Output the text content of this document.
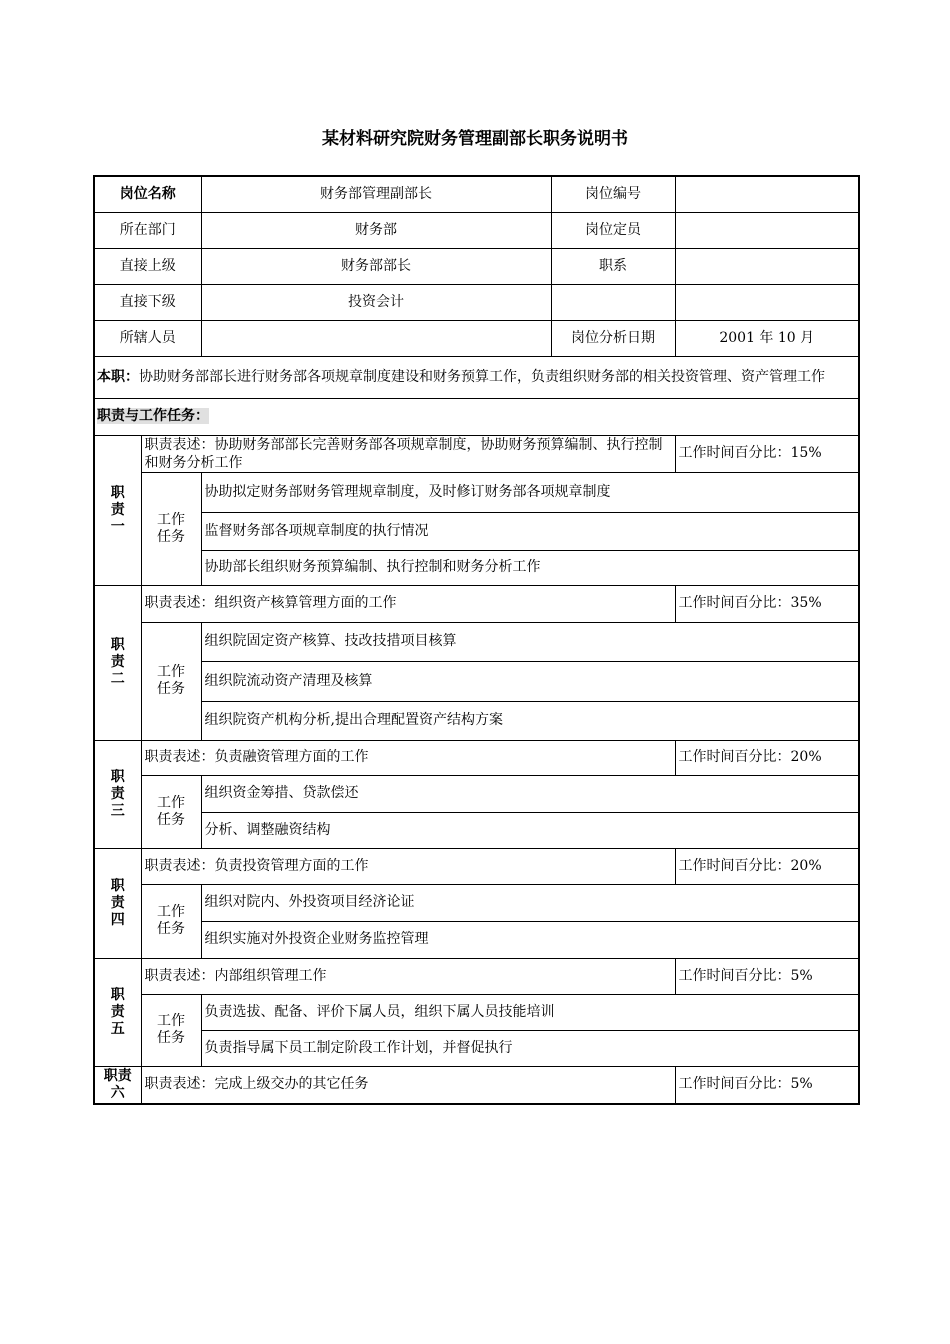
某材料研究院财务管理副部长职务说明书
岗位名称		财务部管理副部长	岗位编号	
所在部门		财务部	岗位定员	
直接上级		财务部部长	职系	
直接下级		投资会计		
所辖人员			岗位分析日期	2001 年 10 月
本职：协助财务部部长进行财务部各项规章制度建设和财务预算工作，负责组织财务部的相关投资管理、资产管理工作				
职责与工作任务：				

职
责
一	职责表述：协助财务部部长完善财务部各项规章制度，协助财务预算编制、执行控制和财务分析工作			工作时间百分比：15%
	工作
任务	协助拟定财务部财务管理规章制度，及时修订财务部各项规章制度		
		监督财务部各项规章制度的执行情况		
		协助部长组织财务预算编制、执行控制和财务分析工作		

职
责
二	职责表述：组织资产核算管理方面的工作			工作时间百分比：35%
	工作
任务	组织院固定资产核算、技改技措项目核算		
		组织院流动资产清理及核算		
		组织院资产机构分析,提出合理配置资产结构方案		

职
责
三	职责表述：负责融资管理方面的工作			工作时间百分比：20%
	工作
任务	组织资金筹措、贷款偿还		
		分析、调整融资结构		

职
责
四	职责表述：负责投资管理方面的工作			工作时间百分比：20%
	工作
任务	组织对院内、外投资项目经济论证		
		组织实施对外投资企业财务监控管理		

职
责
五	职责表述：内部组织管理工作			工作时间百分比：5%
	工作
任务	负责选拔、配备、评价下属人员，组织下属人员技能培训		
		负责指导属下员工制定阶段工作计划，并督促执行		

职责
六	职责表述：完成上级交办的其它任务			工作时间百分比：5%
